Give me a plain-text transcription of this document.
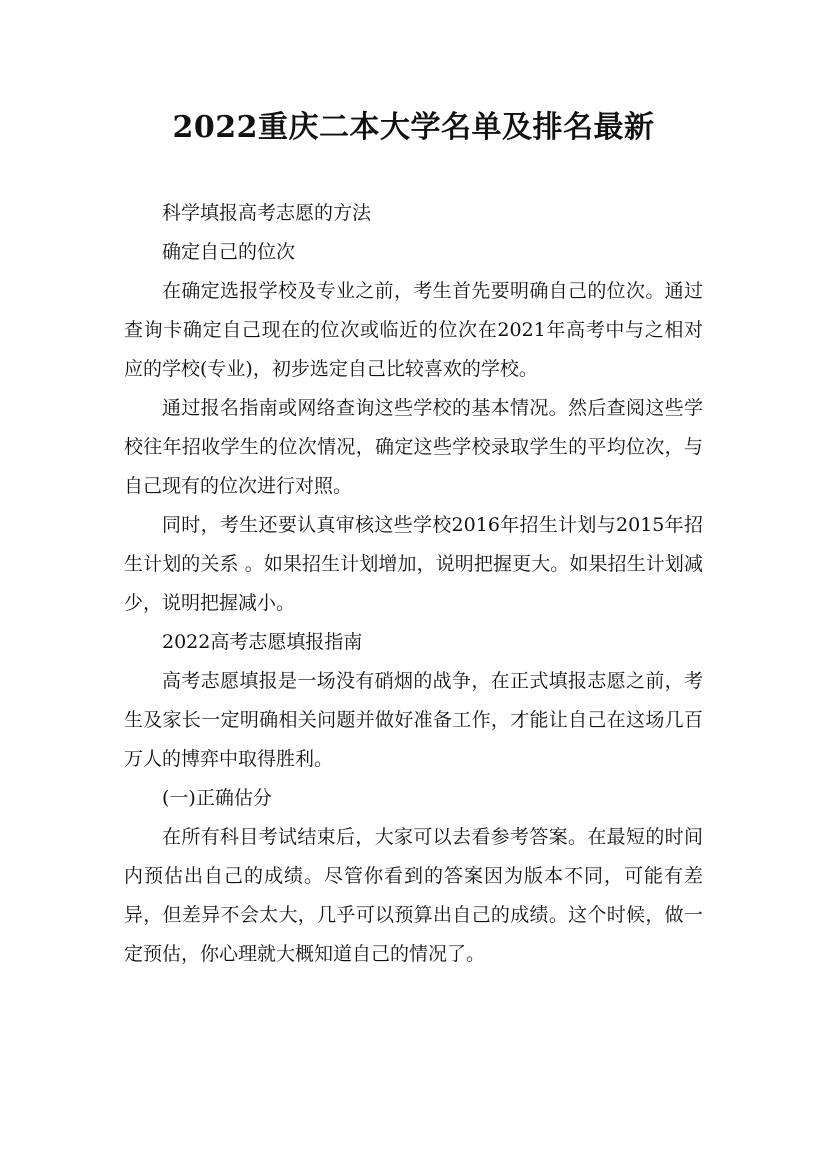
2022重庆二本大学名单及排名最新

科学填报高考志愿的方法

确定自己的位次

在确定选报学校及专业之前，考生首先要明确自己的位次。通过查询卡确定自己现在的位次或临近的位次在2021年高考中与之相对应的学校(专业)，初步选定自己比较喜欢的学校。

通过报名指南或网络查询这些学校的基本情况。然后查阅这些学校往年招收学生的位次情况，确定这些学校录取学生的平均位次，与自己现有的位次进行对照。

同时，考生还要认真审核这些学校2016年招生计划与2015年招生计划的关系 。如果招生计划增加，说明把握更大。如果招生计划减少，说明把握减小。

2022高考志愿填报指南

高考志愿填报是一场没有硝烟的战争，在正式填报志愿之前，考生及家长一定明确相关问题并做好准备工作，才能让自己在这场几百万人的博弈中取得胜利。

(一)正确估分

在所有科目考试结束后，大家可以去看参考答案。在最短的时间内预估出自己的成绩。尽管你看到的答案因为版本不同，可能有差异，但差异不会太大，几乎可以预算出自己的成绩。这个时候，做一定预估，你心理就大概知道自己的情况了。
